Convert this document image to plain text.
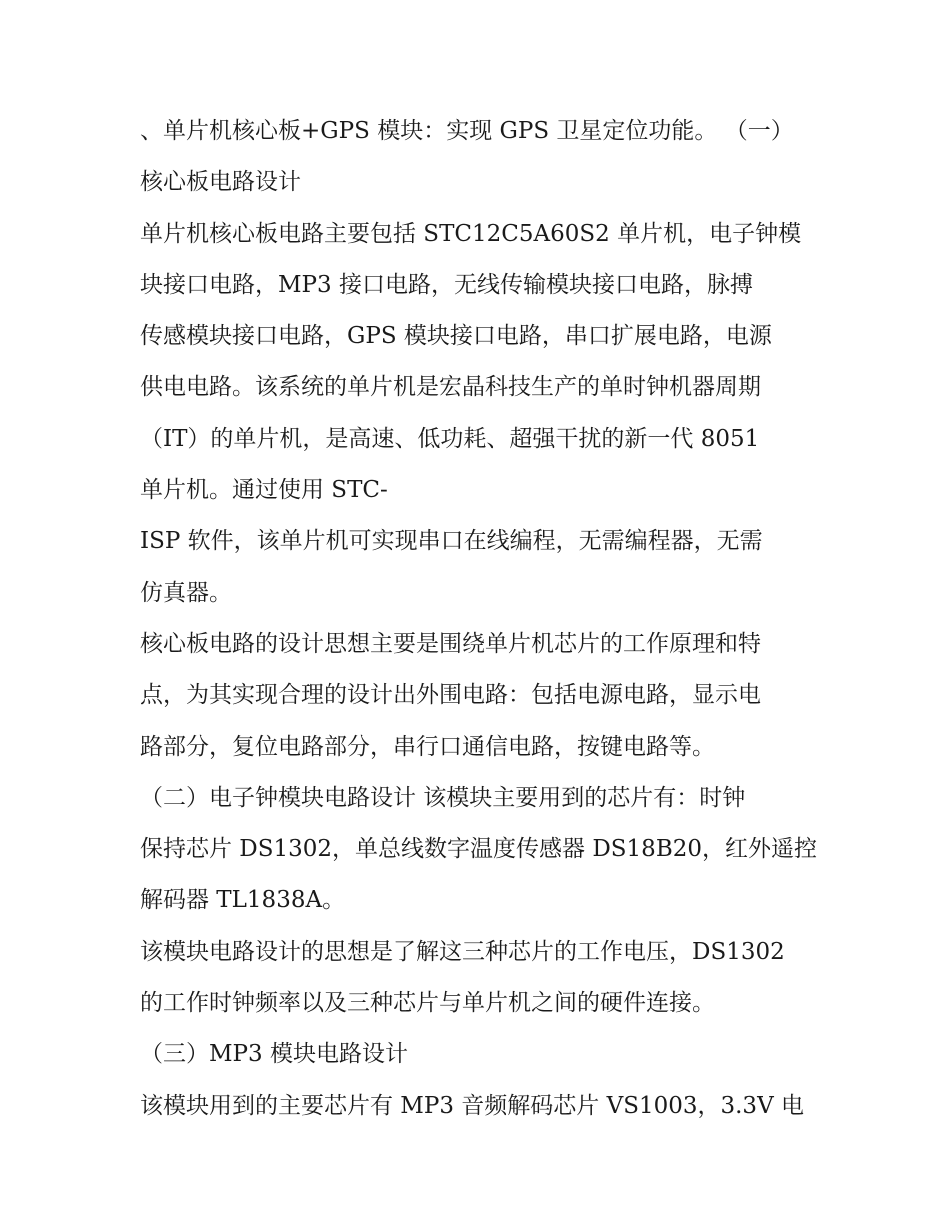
、单片机核心板+GPS 模块：实现 GPS 卫星定位功能。 （一）

核心板电路设计

单片机核心板电路主要包括 STC12C5A60S2 单片机，电子钟模

块接口电路，MP3 接口电路，无线传输模块接口电路，脉搏

传感模块接口电路，GPS 模块接口电路，串口扩展电路，电源

供电电路。该系统的单片机是宏晶科技生产的单时钟机器周期

（IT）的单片机，是高速、低功耗、超强干扰的新一代 8051

单片机。通过使用 STC-

ISP 软件，该单片机可实现串口在线编程，无需编程器，无需

仿真器。

核心板电路的设计思想主要是围绕单片机芯片的工作原理和特

点，为其实现合理的设计出外围电路：包括电源电路，显示电

路部分，复位电路部分，串行口通信电路，按键电路等。

（二）电子钟模块电路设计 该模块主要用到的芯片有：时钟

保持芯片 DS1302，单总线数字温度传感器 DS18B20，红外遥控

解码器 TL1838A。

该模块电路设计的思想是了解这三种芯片的工作电压，DS1302

的工作时钟频率以及三种芯片与单片机之间的硬件连接。

（三）MP3 模块电路设计

该模块用到的主要芯片有 MP3 音频解码芯片 VS1003，3.3V 电
